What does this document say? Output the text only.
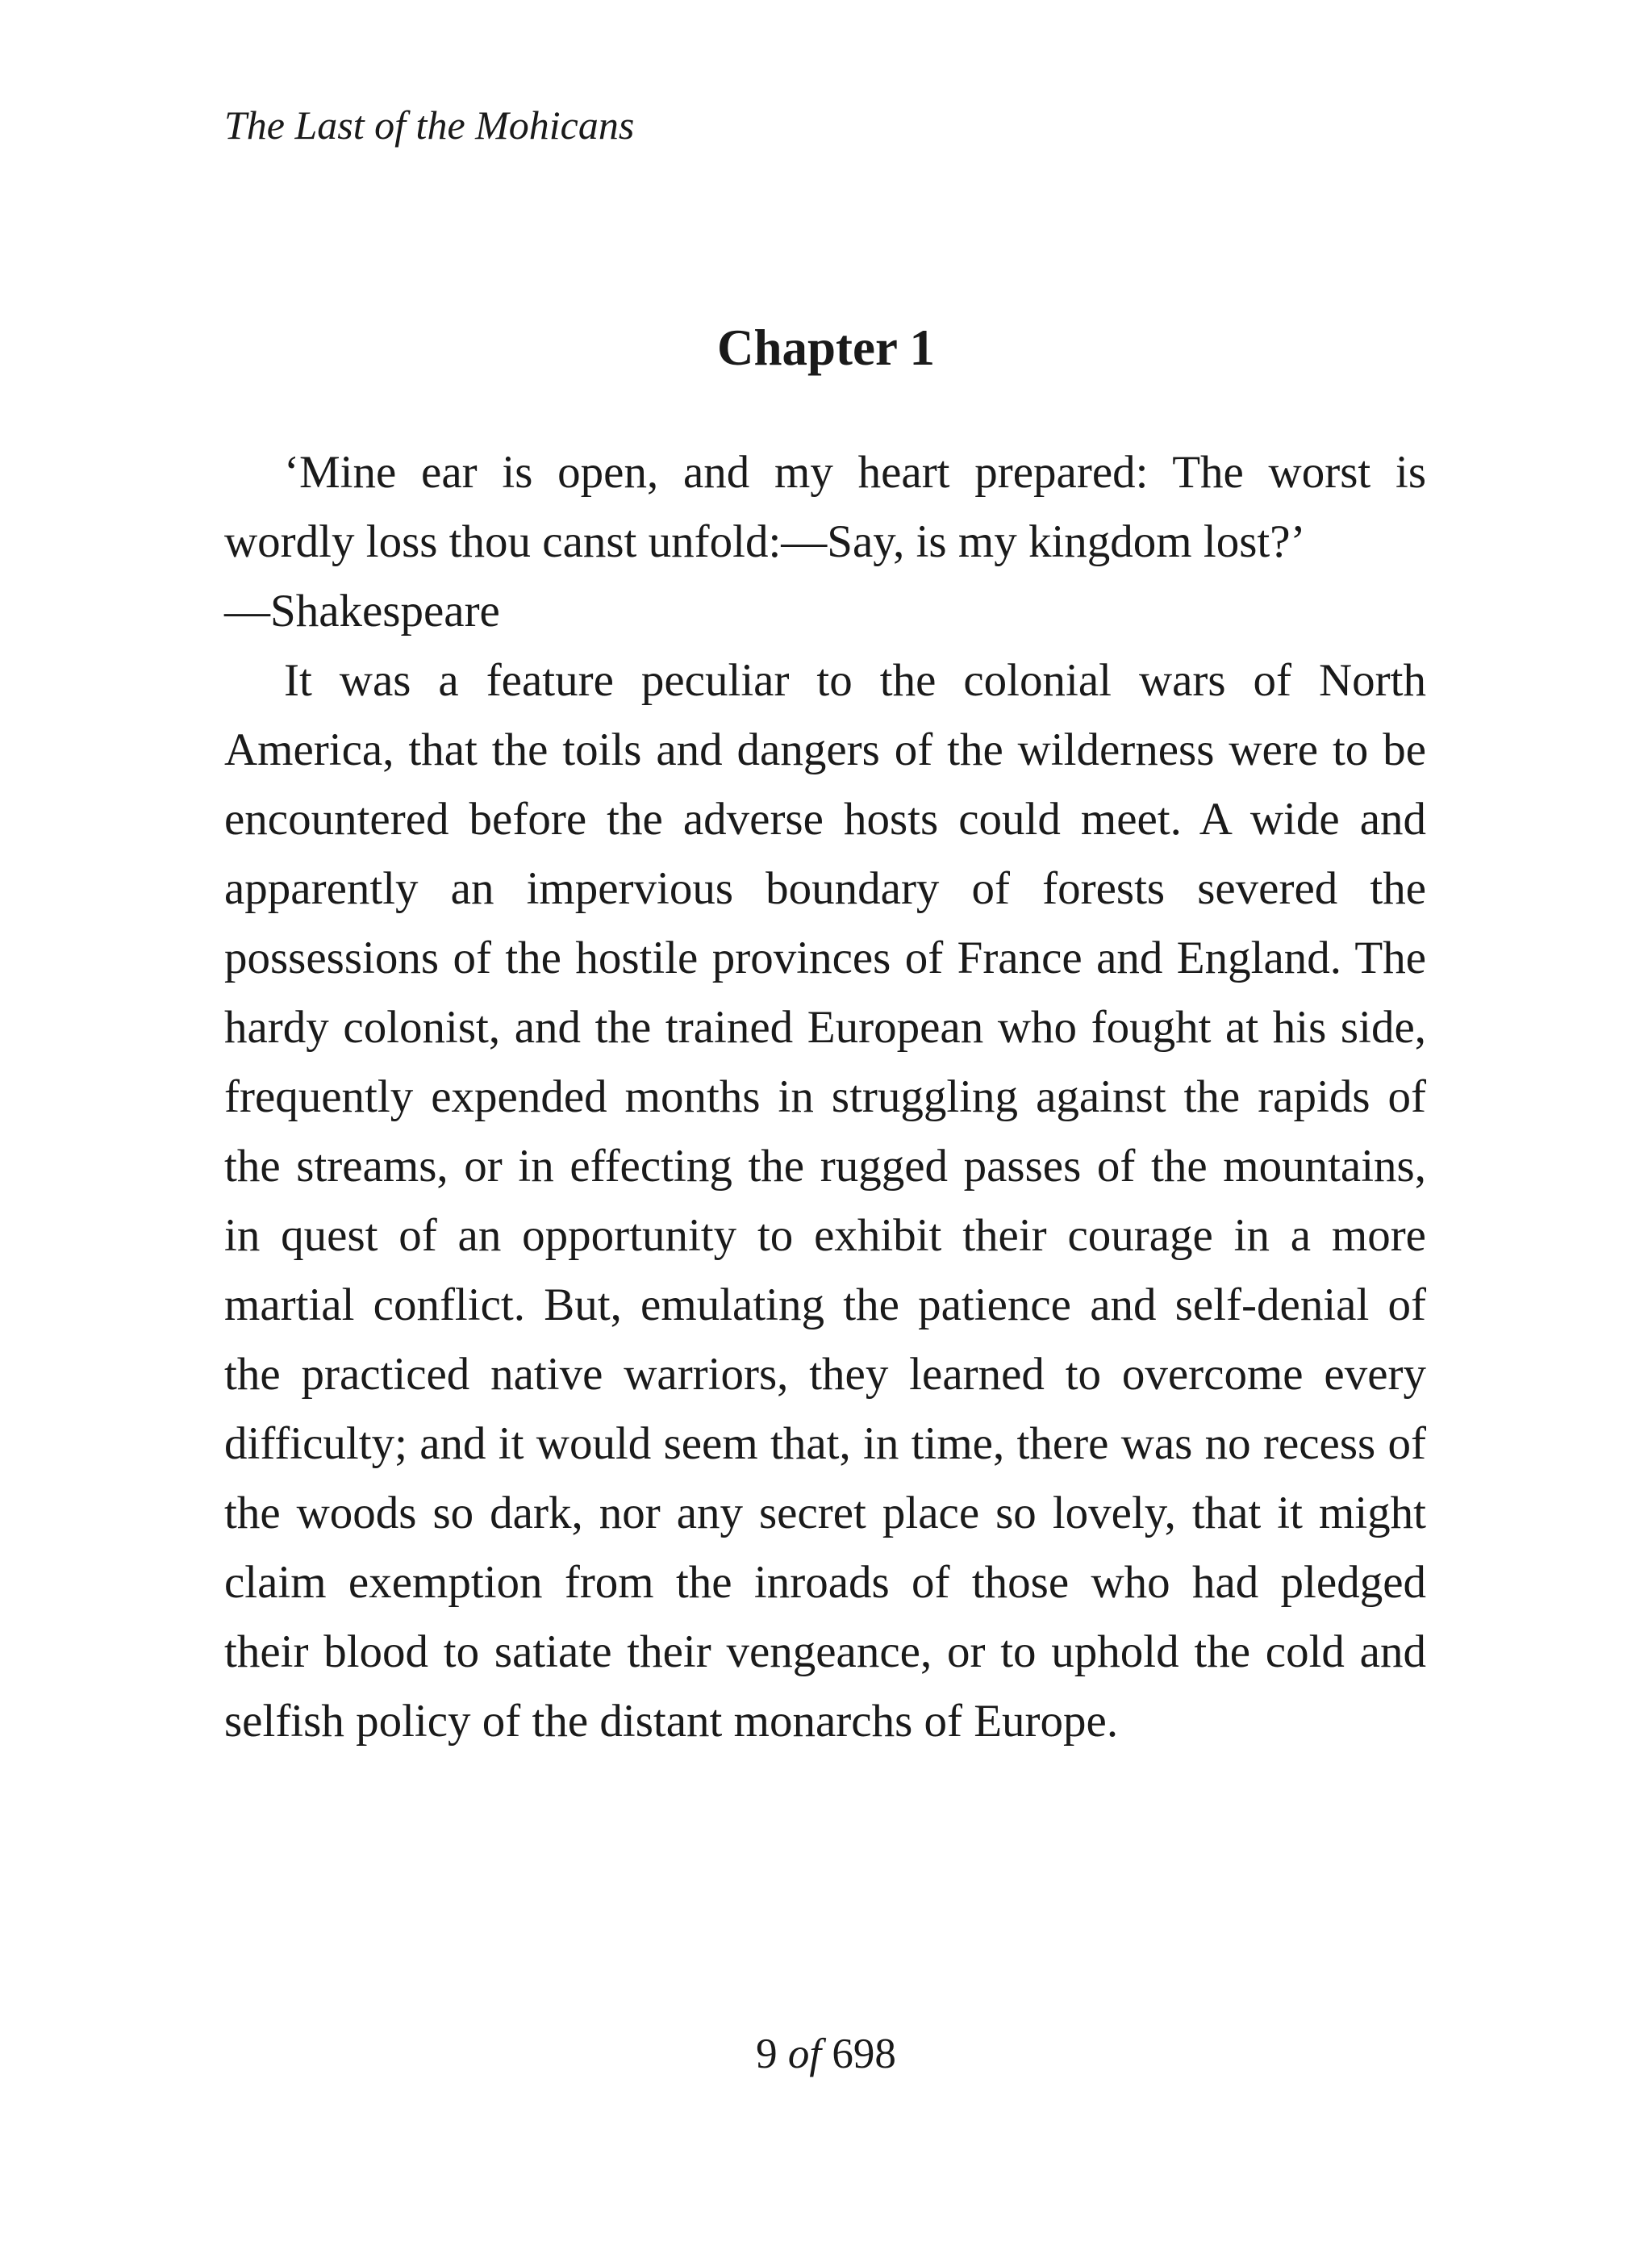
The Last of the Mohicans
Chapter 1

‘Mine ear is open, and my heart prepared: The worst is wordly loss thou canst unfold:—Say, is my kingdom lost?’

—Shakespeare

It was a feature peculiar to the colonial wars of North America, that the toils and dangers of the wilderness were to be encountered before the adverse hosts could meet. A wide and apparently an impervious boundary of forests severed the possessions of the hostile provinces of France and England. The hardy colonist, and the trained European who fought at his side, frequently expended months in struggling against the rapids of the streams, or in effecting the rugged passes of the mountains, in quest of an opportunity to exhibit their courage in a more martial conflict. But, emulating the patience and self-denial of the practiced native warriors, they learned to overcome every difficulty; and it would seem that, in time, there was no recess of the woods so dark, nor any secret place so lovely, that it might claim exemption from the inroads of those who had pledged their blood to satiate their vengeance, or to uphold the cold and selfish policy of the distant monarchs of Europe.

9 of 698
